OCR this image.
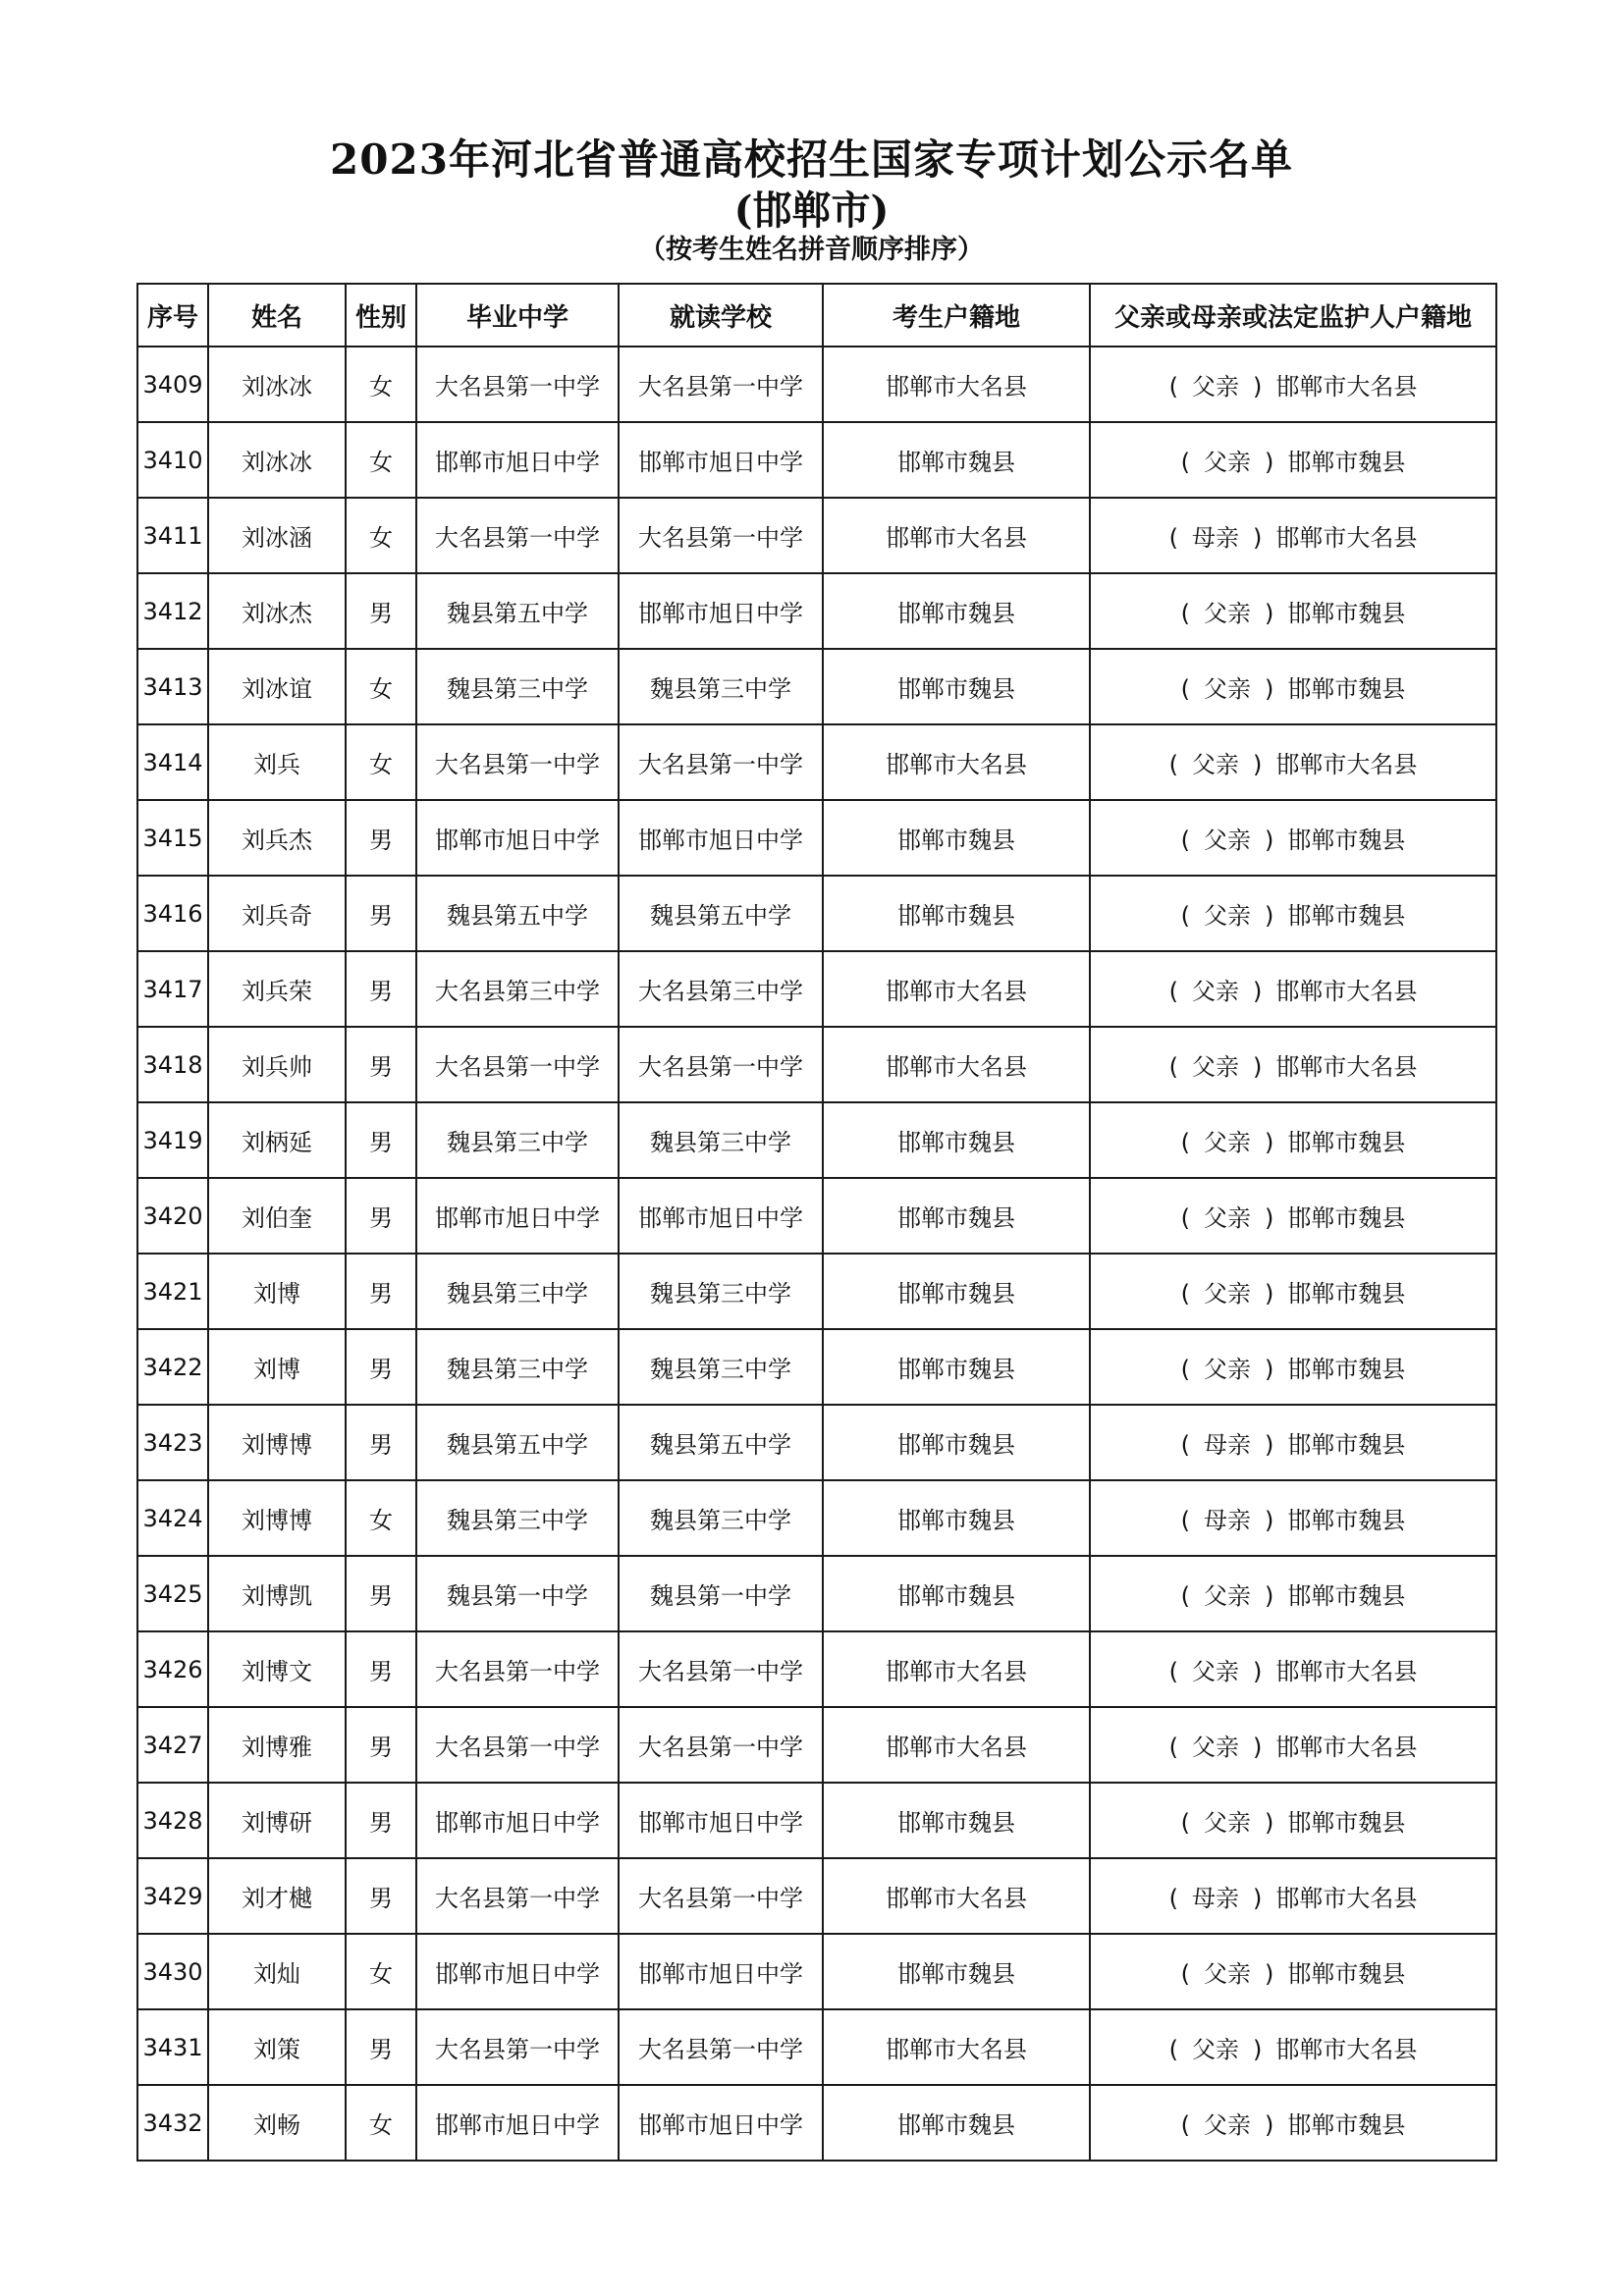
2023年河北省普通高校招生国家专项计划公示名单
(邯郸市)
（按考生姓名拼音顺序排序）
序号	姓名	性别	毕业中学	就读学校	考生户籍地	父亲或母亲或法定监护人户籍地
3409	刘冰冰	女	大名县第一中学	大名县第一中学	邯郸市大名县	( 父亲 ) 邯郸市大名县
3410	刘冰冰	女	邯郸市旭日中学	邯郸市旭日中学	邯郸市魏县	( 父亲 ) 邯郸市魏县
3411	刘冰涵	女	大名县第一中学	大名县第一中学	邯郸市大名县	( 母亲 ) 邯郸市大名县
3412	刘冰杰	男	魏县第五中学	邯郸市旭日中学	邯郸市魏县	( 父亲 ) 邯郸市魏县
3413	刘冰谊	女	魏县第三中学	魏县第三中学	邯郸市魏县	( 父亲 ) 邯郸市魏县
3414	刘兵	女	大名县第一中学	大名县第一中学	邯郸市大名县	( 父亲 ) 邯郸市大名县
3415	刘兵杰	男	邯郸市旭日中学	邯郸市旭日中学	邯郸市魏县	( 父亲 ) 邯郸市魏县
3416	刘兵奇	男	魏县第五中学	魏县第五中学	邯郸市魏县	( 父亲 ) 邯郸市魏县
3417	刘兵荣	男	大名县第三中学	大名县第三中学	邯郸市大名县	( 父亲 ) 邯郸市大名县
3418	刘兵帅	男	大名县第一中学	大名县第一中学	邯郸市大名县	( 父亲 ) 邯郸市大名县
3419	刘柄延	男	魏县第三中学	魏县第三中学	邯郸市魏县	( 父亲 ) 邯郸市魏县
3420	刘伯奎	男	邯郸市旭日中学	邯郸市旭日中学	邯郸市魏县	( 父亲 ) 邯郸市魏县
3421	刘博	男	魏县第三中学	魏县第三中学	邯郸市魏县	( 父亲 ) 邯郸市魏县
3422	刘博	男	魏县第三中学	魏县第三中学	邯郸市魏县	( 父亲 ) 邯郸市魏县
3423	刘博博	男	魏县第五中学	魏县第五中学	邯郸市魏县	( 母亲 ) 邯郸市魏县
3424	刘博博	女	魏县第三中学	魏县第三中学	邯郸市魏县	( 母亲 ) 邯郸市魏县
3425	刘博凯	男	魏县第一中学	魏县第一中学	邯郸市魏县	( 父亲 ) 邯郸市魏县
3426	刘博文	男	大名县第一中学	大名县第一中学	邯郸市大名县	( 父亲 ) 邯郸市大名县
3427	刘博雅	男	大名县第一中学	大名县第一中学	邯郸市大名县	( 父亲 ) 邯郸市大名县
3428	刘博研	男	邯郸市旭日中学	邯郸市旭日中学	邯郸市魏县	( 父亲 ) 邯郸市魏县
3429	刘才樾	男	大名县第一中学	大名县第一中学	邯郸市大名县	( 母亲 ) 邯郸市大名县
3430	刘灿	女	邯郸市旭日中学	邯郸市旭日中学	邯郸市魏县	( 父亲 ) 邯郸市魏县
3431	刘策	男	大名县第一中学	大名县第一中学	邯郸市大名县	( 父亲 ) 邯郸市大名县
3432	刘畅	女	邯郸市旭日中学	邯郸市旭日中学	邯郸市魏县	( 父亲 ) 邯郸市魏县
